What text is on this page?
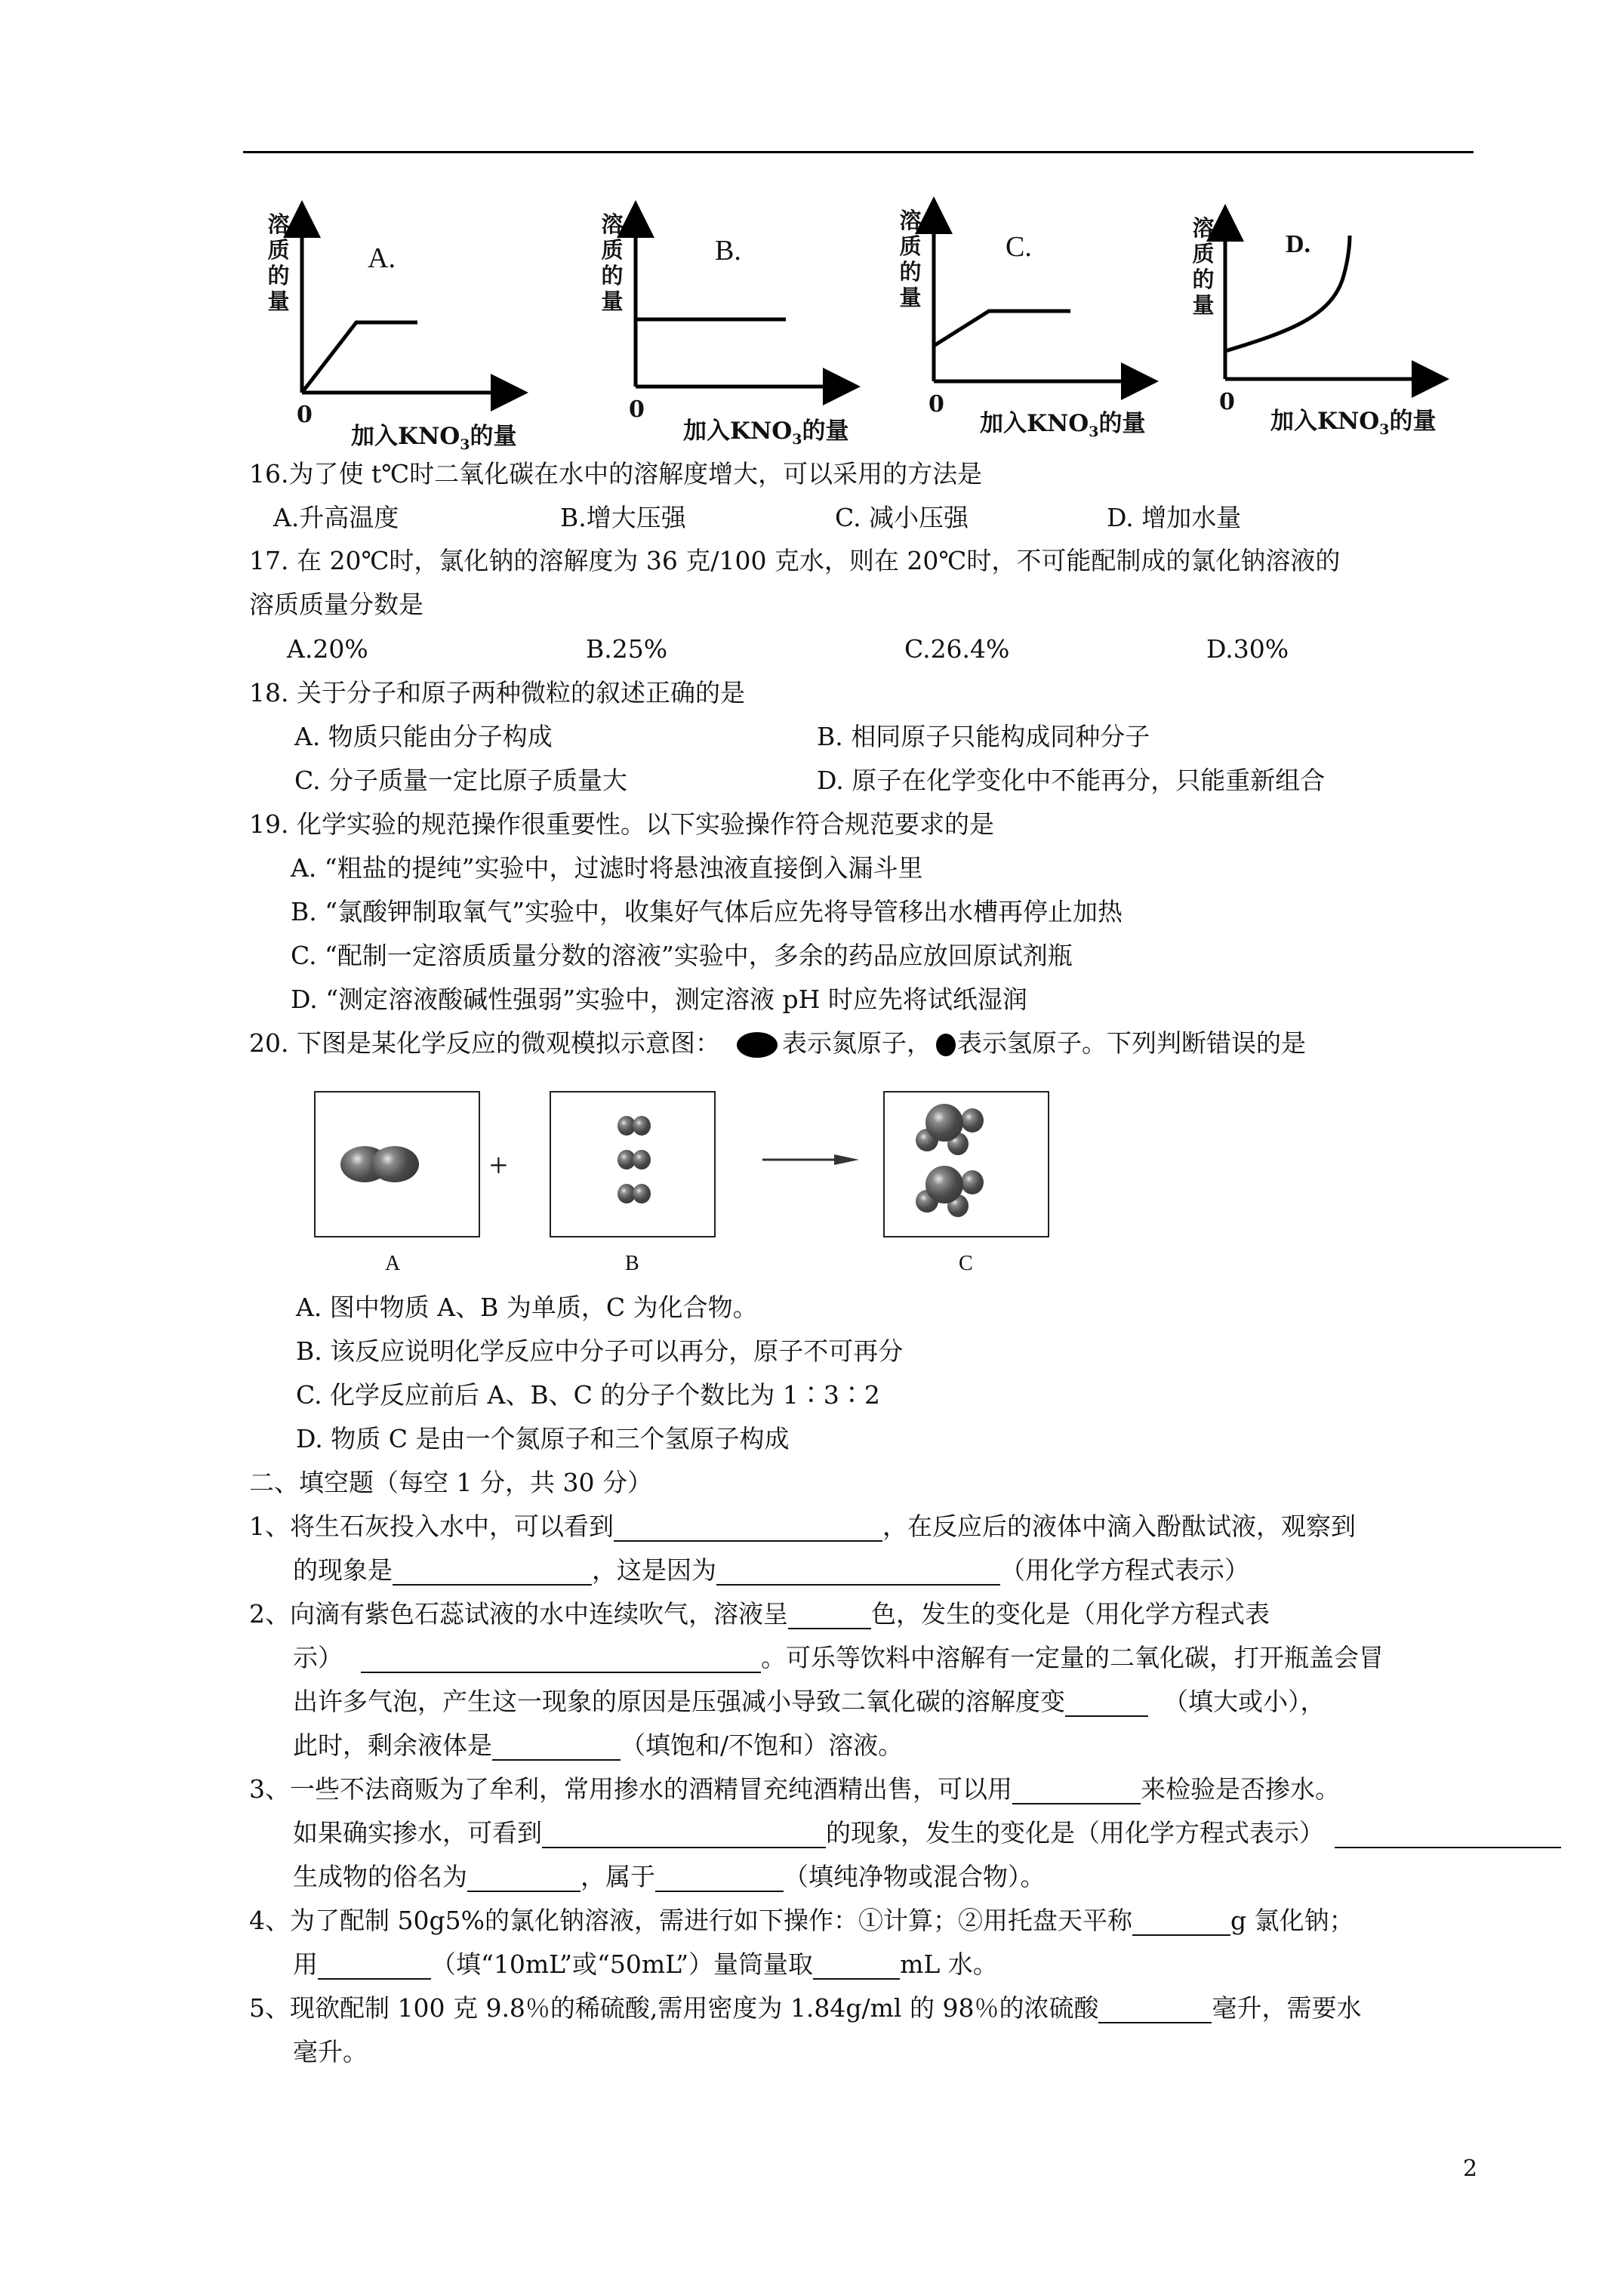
溶
质
的
量
A.
0
加入$KNO_3$的量
溶
质
的
量
B.
0
加入$KNO_3$的量
溶
质
的
量
C.
0
加入$KNO_3$的量
溶
质
的
量
D.
0
加入$KNO_3$的量
16.为了使 t℃时二氧化碳在水中的溶解度增大，可以采用的方法是
A.升高温度	B.增大压强	C. 减小压强	D. 增加水量
17. 在 20℃时，氯化钠的溶解度为 36 克/100 克水，则在 20℃时，不可能配制成的氯化钠溶液的
溶质质量分数是
A.20%	B.25%	C.26.4%	D.30%
18. 关于分子和原子两种微粒的叙述正确的是
A. 物质只能由分子构成	B. 相同原子只能构成同种分子
C. 分子质量一定比原子质量大	D. 原子在化学变化中不能再分，只能重新组合
19. 化学实验的规范操作很重要性。以下实验操作符合规范要求的是
A. “粗盐的提纯”实验中，过滤时将悬浊液直接倒入漏斗里
B. “氯酸钾制取氧气”实验中，收集好气体后应先将导管移出水槽再停止加热
C. “配制一定溶质质量分数的溶液”实验中，多余的药品应放回原试剂瓶
D. “测定溶液酸碱性强弱”实验中，测定溶液 pH 时应先将试纸湿润
20. 下图是某化学反应的微观模拟示意图： 表示氮原子， 表示氢原子。下列判断错误的是
A
+
B	C
A. 图中物质 A、B 为单质，C 为化合物。
B. 该反应说明化学反应中分子可以再分，原子不可再分
C. 化学反应前后 A、B、C 的分子个数比为 1∶3∶2
D. 物质 C 是由一个氮原子和三个氢原子构成
二、填空题（每空 1 分，共 30 分）
1、将生石灰投入水中，可以看到	，在反应后的液体中滴入酚酞试液，观察到
的现象是	，这是因为	（用化学方程式表示）
2、向滴有紫色石蕊试液的水中连续吹气，溶液呈	色，发生的变化是（用化学方程式表
示）	。可乐等饮料中溶解有一定量的二氧化碳，打开瓶盖会冒
出许多气泡，产生这一现象的原因是压强减小导致二氧化碳的溶解度变	（填大或小），
此时，剩余液体是	（填饱和/不饱和）溶液。
3、一些不法商贩为了牟利，常用掺水的酒精冒充纯酒精出售，可以用	来检验是否掺水。
如果确实掺水，可看到	的现象，发生的变化是（用化学方程式表示）
生成物的俗名为	，属于	（填纯净物或混合物）。
4、为了配制 50g5%的氯化钠溶液，需进行如下操作：①计算；②用托盘天平称	g 氯化钠；
用	（填“10mL”或“50mL”）量筒量取	mL 水。
5、现欲配制 100 克 9.8％的稀硫酸,需用密度为 1.84g/ml 的 98％的浓硫酸	毫升，需要水
毫升。
2
